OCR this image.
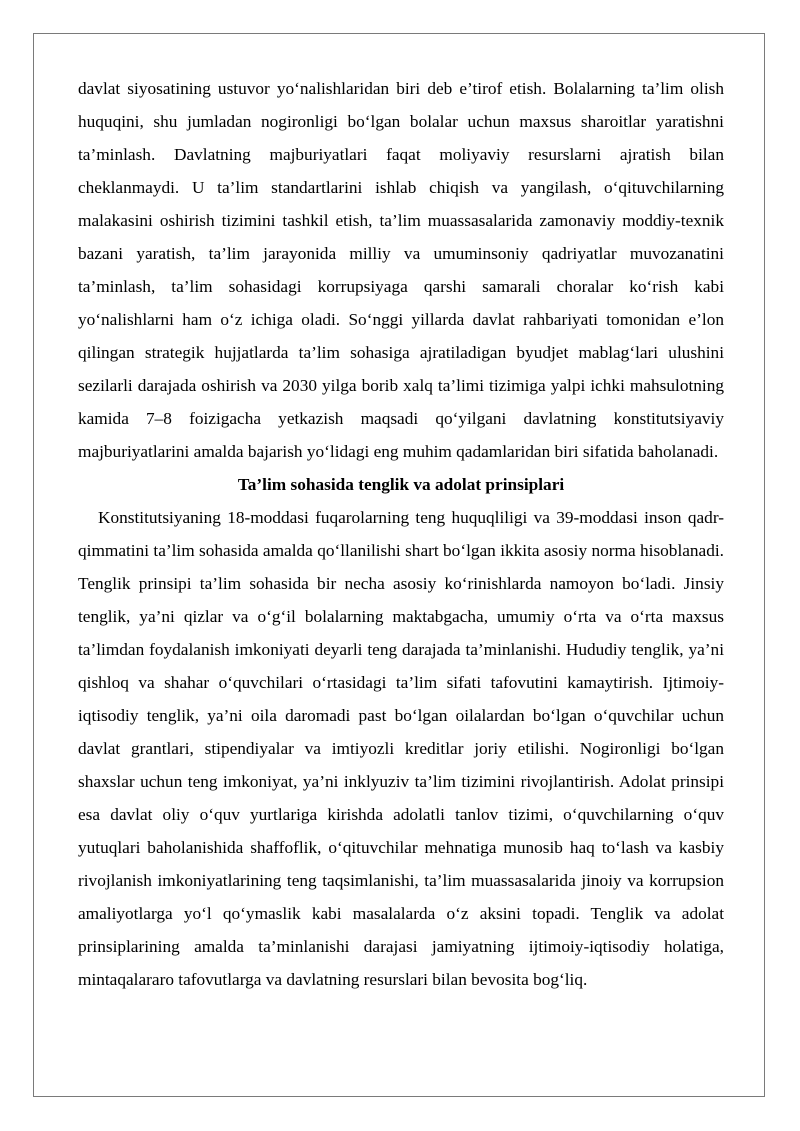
davlat siyosatining ustuvor yo‘nalishlaridan biri deb e’tirof etish. Bolalarning ta’lim olish huquqini, shu jumladan nogironligi bo‘lgan bolalar uchun maxsus sharoitlar yaratishni ta’minlash. Davlatning majburiyatlari faqat moliyaviy resurslarni ajratish bilan cheklanmaydi. U ta’lim standartlarini ishlab chiqish va yangilash, o‘qituvchilarning malakasini oshirish tizimini tashkil etish, ta’lim muassasalarida zamonaviy moddiy-texnik bazani yaratish, ta’lim jarayonida milliy va umuminsoniy qadriyatlar muvozanatini ta’minlash, ta’lim sohasidagi korrupsiyaga qarshi samarali choralar ko‘rish kabi yo‘nalishlarni ham o‘z ichiga oladi. So‘nggi yillarda davlat rahbariyati tomonidan e’lon qilingan strategik hujjatlarda ta’lim sohasiga ajratiladigan byudjet mablag‘lari ulushini sezilarli darajada oshirish va 2030 yilga borib xalq ta’limi tizimiga yalpi ichki mahsulotning kamida 7–8 foizigacha yetkazish maqsadi qo‘yilgani davlatning konstitutsiyaviy majburiyatlarini amalda bajarish yo‘lidagi eng muhim qadamlaridan biri sifatida baholanadi.

Ta’lim sohasida tenglik va adolat prinsiplari

Konstitutsiyaning 18-moddasi fuqarolarning teng huquqliligi va 39-moddasi inson qadr-qimmatini ta’lim sohasida amalda qo‘llanilishi shart bo‘lgan ikkita asosiy norma hisoblanadi. Tenglik prinsipi ta’lim sohasida bir necha asosiy ko‘rinishlarda namoyon bo‘ladi. Jinsiy tenglik, ya’ni qizlar va o‘g‘il bolalarning maktabgacha, umumiy o‘rta va o‘rta maxsus ta’limdan foydalanish imkoniyati deyarli teng darajada ta’minlanishi. Hududiy tenglik, ya’ni qishloq va shahar o‘quvchilari o‘rtasidagi ta’lim sifati tafovutini kamaytirish. Ijtimoiy-iqtisodiy tenglik, ya’ni oila daromadi past bo‘lgan oilalardan bo‘lgan o‘quvchilar uchun davlat grantlari, stipendiyalar va imtiyozli kreditlar joriy etilishi. Nogironligi bo‘lgan shaxslar uchun teng imkoniyat, ya’ni inklyuziv ta’lim tizimini rivojlantirish. Adolat prinsipi esa davlat oliy o‘quv yurtlariga kirishda adolatli tanlov tizimi, o‘quvchilarning o‘quv yutuqlari baholanishida shaffoflik, o‘qituvchilar mehnatiga munosib haq to‘lash va kasbiy rivojlanish imkoniyatlarining teng taqsimlanishi, ta’lim muassasalarida jinoiy va korrupsion amaliyotlarga yo‘l qo‘ymaslik kabi masalalarda o‘z aksini topadi. Tenglik va adolat prinsiplarining amalda ta’minlanishi darajasi jamiyatning ijtimoiy-iqtisodiy holatiga, mintaqalararo tafovutlarga va davlatning resurslari bilan bevosita bog‘liq.
